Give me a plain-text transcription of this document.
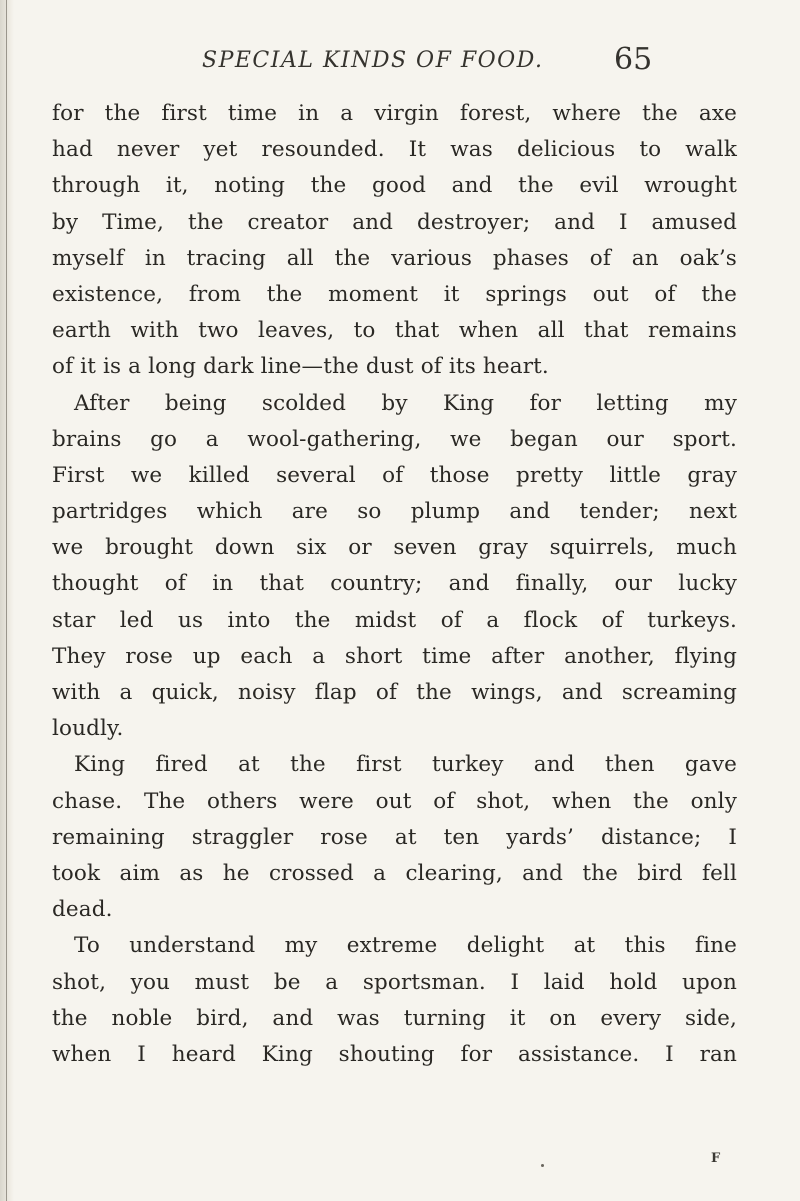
SPECIAL KINDS OF FOOD. 65
for the first time in a virgin forest, where the axe
had never yet resounded. It was delicious to walk
through it, noting the good and the evil wrought
by Time, the creator and destroyer; and I amused
myself in tracing all the various phases of an oak’s
existence, from the moment it springs out of the
earth with two leaves, to that when all that remains
of it is a long dark line—the dust of its heart.
After being scolded by King for letting my
brains go a wool-gathering, we began our sport.
First we killed several of those pretty little gray
partridges which are so plump and tender; next
we brought down six or seven gray squirrels, much
thought of in that country; and finally, our lucky
star led us into the midst of a flock of turkeys.
They rose up each a short time after another, flying
with a quick, noisy flap of the wings, and screaming
loudly.
King fired at the first turkey and then gave
chase. The others were out of shot, when the only
remaining straggler rose at ten yards’ distance; I
took aim as he crossed a clearing, and the bird fell
dead.
To understand my extreme delight at this fine
shot, you must be a sportsman. I laid hold upon
the noble bird, and was turning it on every side,
when I heard King shouting for assistance. I ran
F
